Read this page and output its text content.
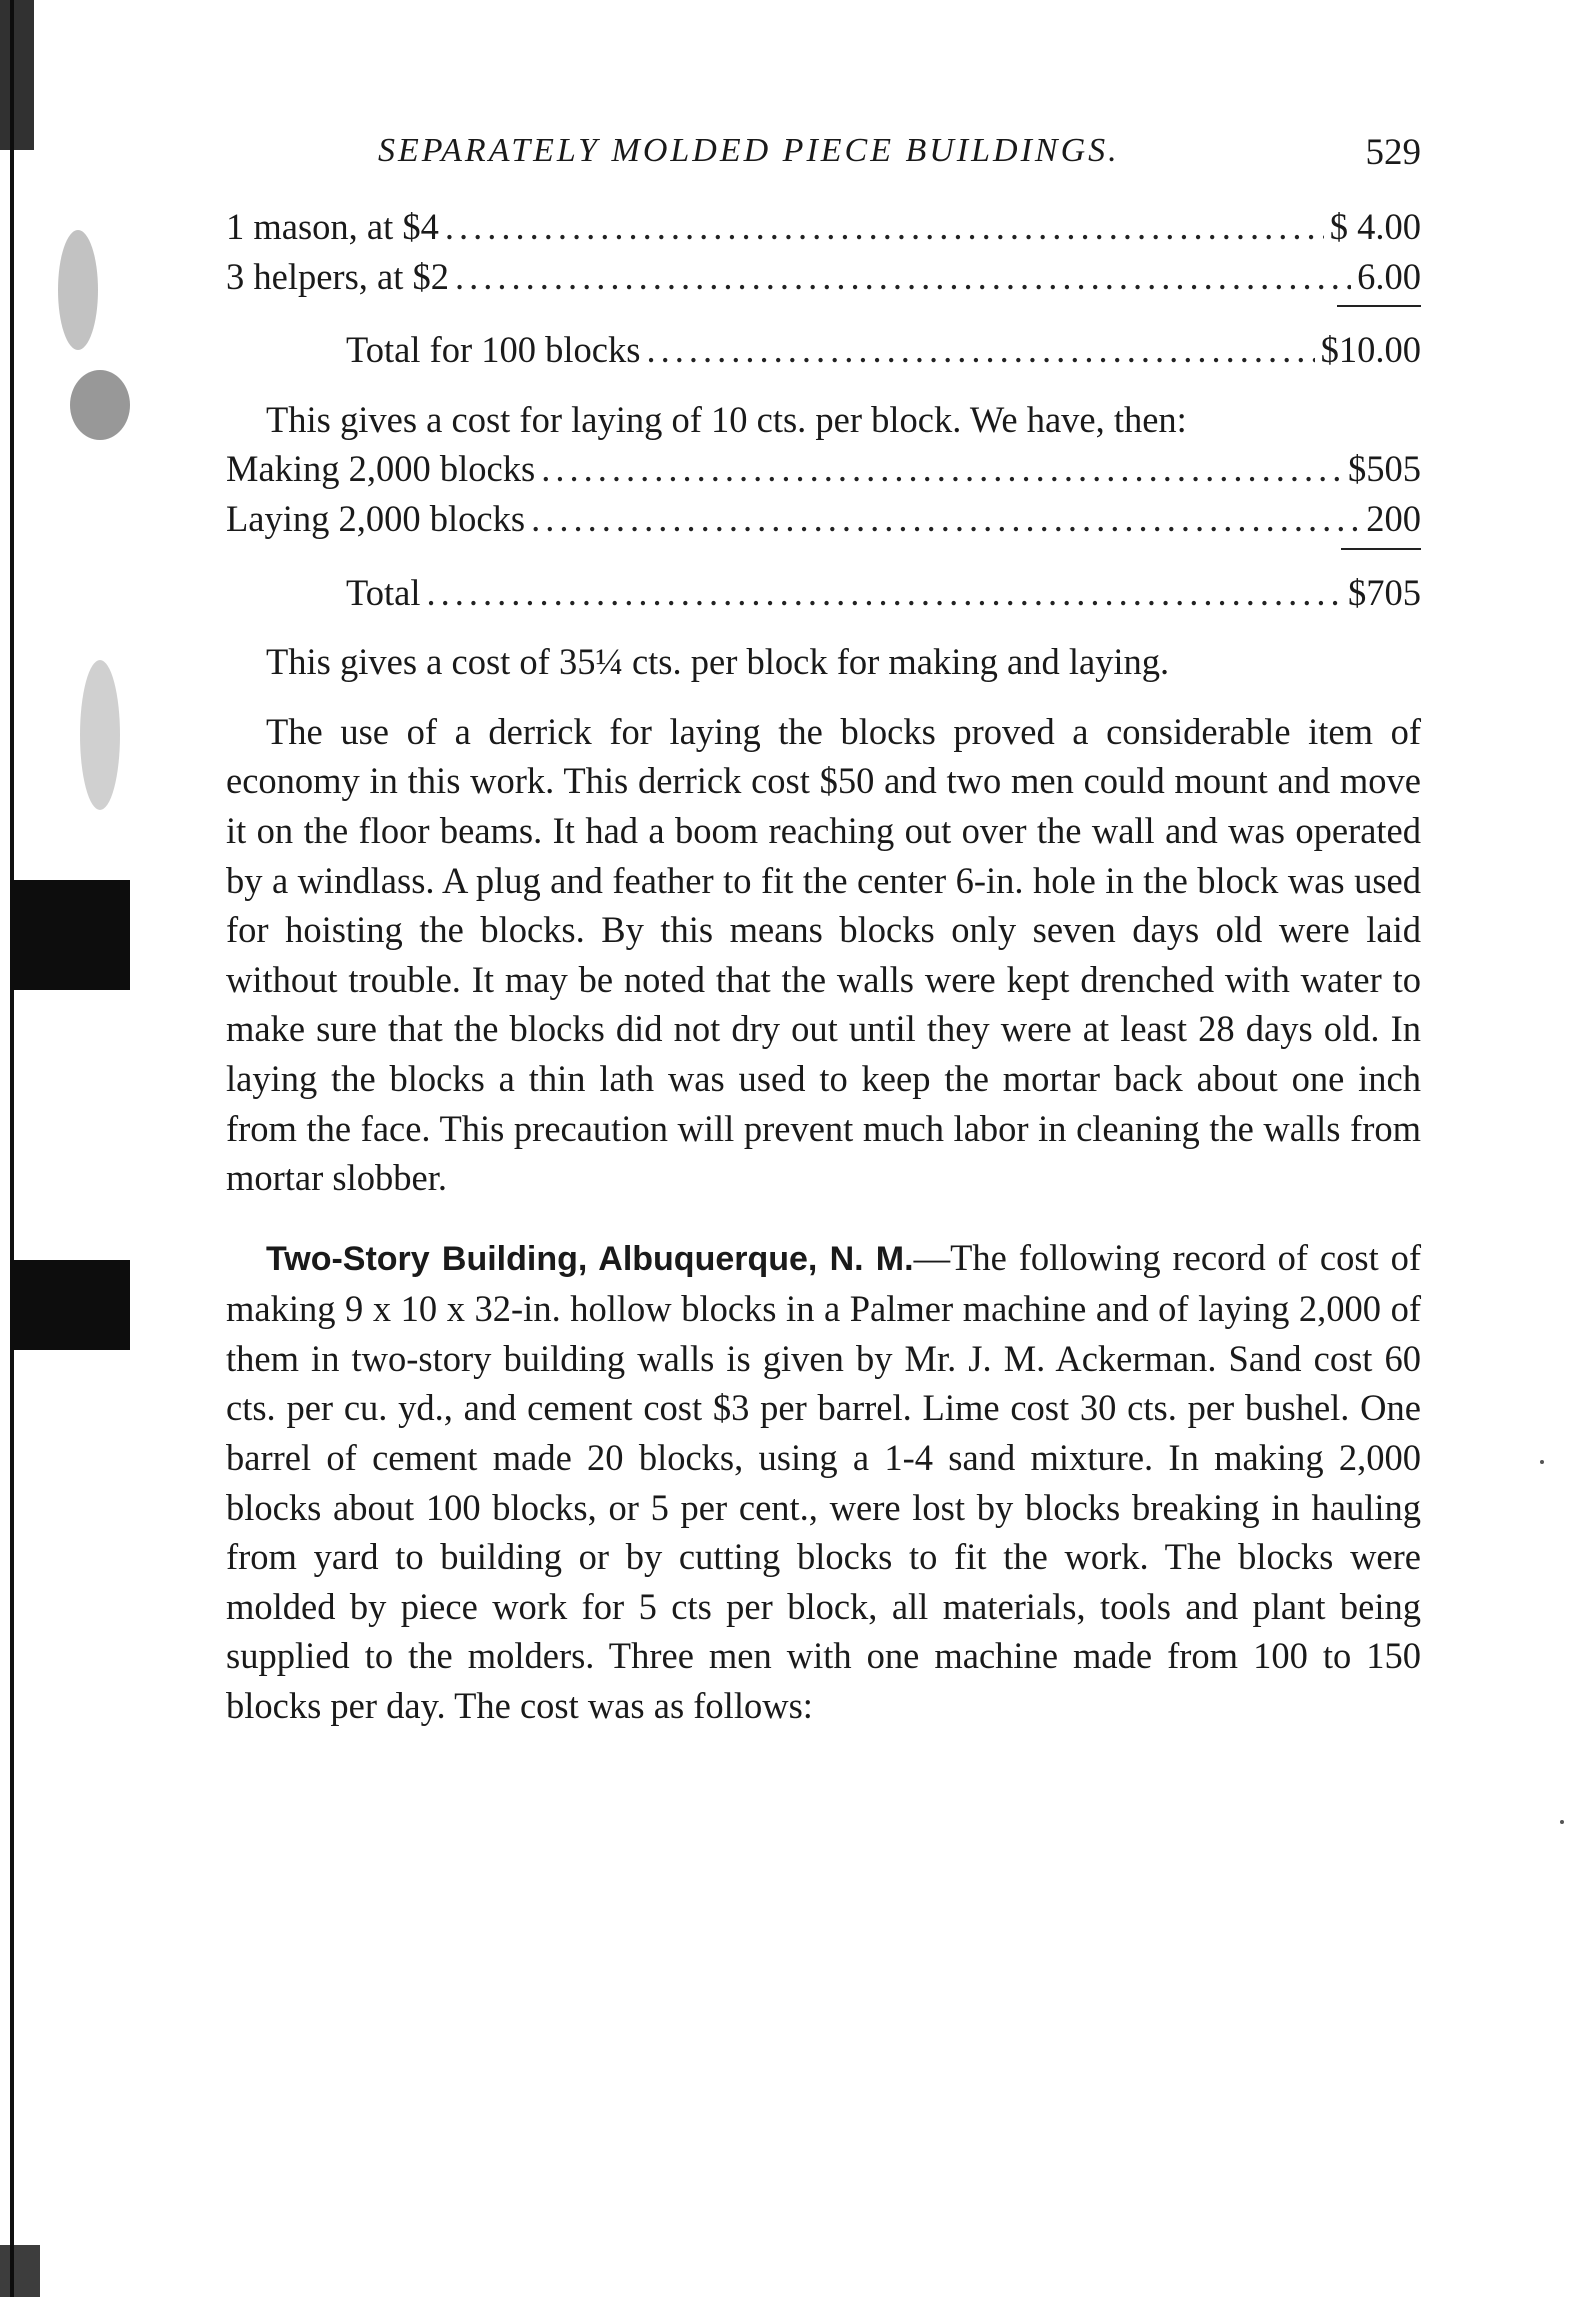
SEPARATELY MOLDED PIECE BUILDINGS.	529
1 mason, at $4 .....	$ 4.00
3 helpers, at $2 .....	6.00
Total for 100 blocks .....	$10.00

This gives a cost for laying of 10 cts. per block. We have, then:

Making 2,000 blocks .....	$505
Laying 2,000 blocks .....	200
Total .....	$705

This gives a cost of 35¼ cts. per block for making and laying.

The use of a derrick for laying the blocks proved a considerable item of economy in this work. This derrick cost $50 and two men could mount and move it on the floor beams. It had a boom reaching out over the wall and was operated by a windlass. A plug and feather to fit the center 6-in. hole in the block was used for hoisting the blocks. By this means blocks only seven days old were laid without trouble. It may be noted that the walls were kept drenched with water to make sure that the blocks did not dry out until they were at least 28 days old. In laying the blocks a thin lath was used to keep the mortar back about one inch from the face. This precaution will prevent much labor in cleaning the walls from mortar slobber.

Two-Story Building, Albuquerque, N. M.—The following record of cost of making 9 x 10 x 32-in. hollow blocks in a Palmer machine and of laying 2,000 of them in two-story building walls is given by Mr. J. M. Ackerman. Sand cost 60 cts. per cu. yd., and cement cost $3 per barrel. Lime cost 30 cts. per bushel. One barrel of cement made 20 blocks, using a 1-4 sand mixture. In making 2,000 blocks about 100 blocks, or 5 per cent., were lost by blocks breaking in hauling from yard to building or by cutting blocks to fit the work. The blocks were molded by piece work for 5 cts per block, all materials, tools and plant being supplied to the molders. Three men with one machine made from 100 to 150 blocks per day. The cost was as follows:
